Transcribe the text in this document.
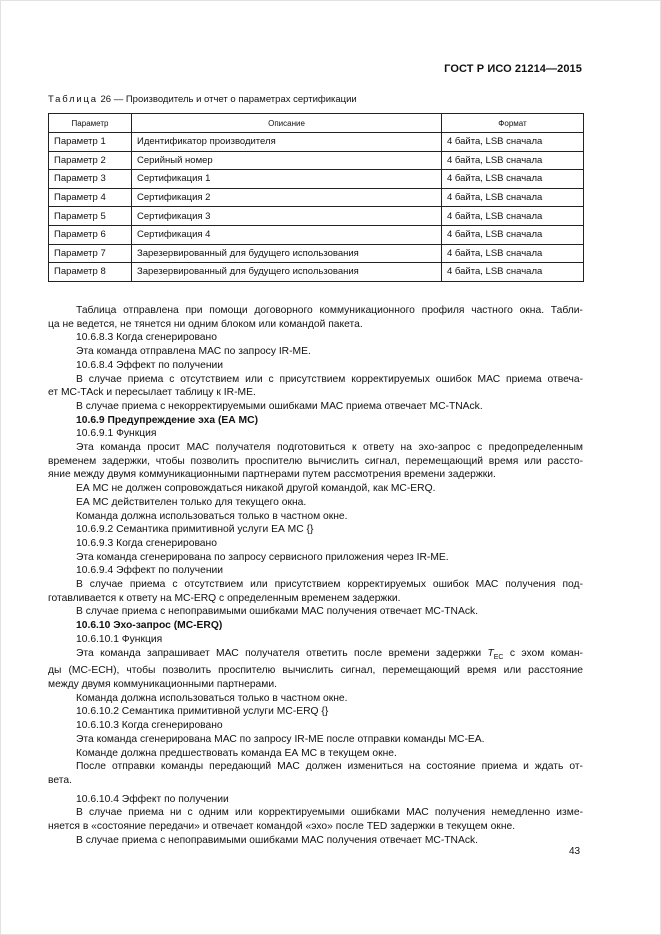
ГОСТ Р ИСО 21214—2015
Таблица 26 — Производитель и отчет о параметрах сертификации
Параметр	Описание	Формат
Параметр 1	Идентификатор производителя	4 байта, LSB сначала
Параметр 2	Серийный номер	4 байта, LSB сначала
Параметр 3	Сертификация 1	4 байта, LSB сначала
Параметр 4	Сертификация 2	4 байта, LSB сначала
Параметр 5	Сертификация 3	4 байта, LSB сначала
Параметр 6	Сертификация 4	4 байта, LSB сначала
Параметр 7	Зарезервированный для будущего использования	4 байта, LSB сначала
Параметр 8	Зарезервированный для будущего использования	4 байта, LSB сначала

Таблица отправлена при помощи договорного коммуникационного профиля частного окна. Табли-

ца не ведется, не тянется ни одним блоком или командой пакета.

10.6.8.3 Когда сгенерировано

Эта команда отправлена МАС по запросу IR-ME.

10.6.8.4 Эффект по получении

В случае приема с отсутствием или с присутствием корректируемых ошибок МАС приема отвеча-

ет МС-ТАck и пересылает таблицу к IR-ME.

В случае приема с некорректируемыми ошибками МАС приема отвечает МС-TNAck.

10.6.9 Предупреждение эха (ЕА МС)

10.6.9.1 Функция

Эта команда просит МАС получателя подготовиться к ответу на эхо-запрос с предопределенным

временем задержки, чтобы позволить проспителю вычислить сигнал, перемещающий время или рассто-

яние между двумя коммуникационными партнерами путем рассмотрения времени задержки.

ЕА МС не должен сопровождаться никакой другой командой, как МС-ERQ.

ЕА МС действителен только для текущего окна.

Команда должна использоваться только в частном окне.

10.6.9.2 Семантика примитивной услуги ЕА МС {}

10.6.9.3 Когда сгенерировано

Эта команда сгенерирована по запросу сервисного приложения через IR-ME.

10.6.9.4 Эффект по получении

В случае приема с отсутствием или присутствием корректируемых ошибок МАС получения под-

готавливается к ответу на МС-ERQ с определенным временем задержки.

В случае приема с непоправимыми ошибками МАС получения отвечает МС-TNAck.

10.6.10 Эхо-запрос (МС-ERQ)

10.6.10.1 Функция

Эта команда запрашивает МАС получателя ответить после времени задержки $T_{EC}$ с эхом коман-

ды (МС-ЕСН), чтобы позволить проспителю вычислить сигнал, перемещающий время или расстояние

между двумя коммуникационными партнерами.

Команда должна использоваться только в частном окне.

10.6.10.2 Семантика примитивной услуги МС-ERQ {}

10.6.10.3 Когда сгенерировано

Эта команда сгенерирована МАС по запросу IR-ME после отправки команды МС-ЕА.

Команде должна предшествовать команда ЕА МС в текущем окне.

После отправки команды передающий МАС должен измениться на состояние приема и ждать от-

вета.

10.6.10.4 Эффект по получении

В случае приема ни с одним или корректируемыми ошибками МАС получения немедленно изме-

няется в «состояние передачи» и отвечает командой «эхо» после TED задержки в текущем окне.

В случае приема с непоправимыми ошибками МАС получения отвечает МС-TNAck.

43
